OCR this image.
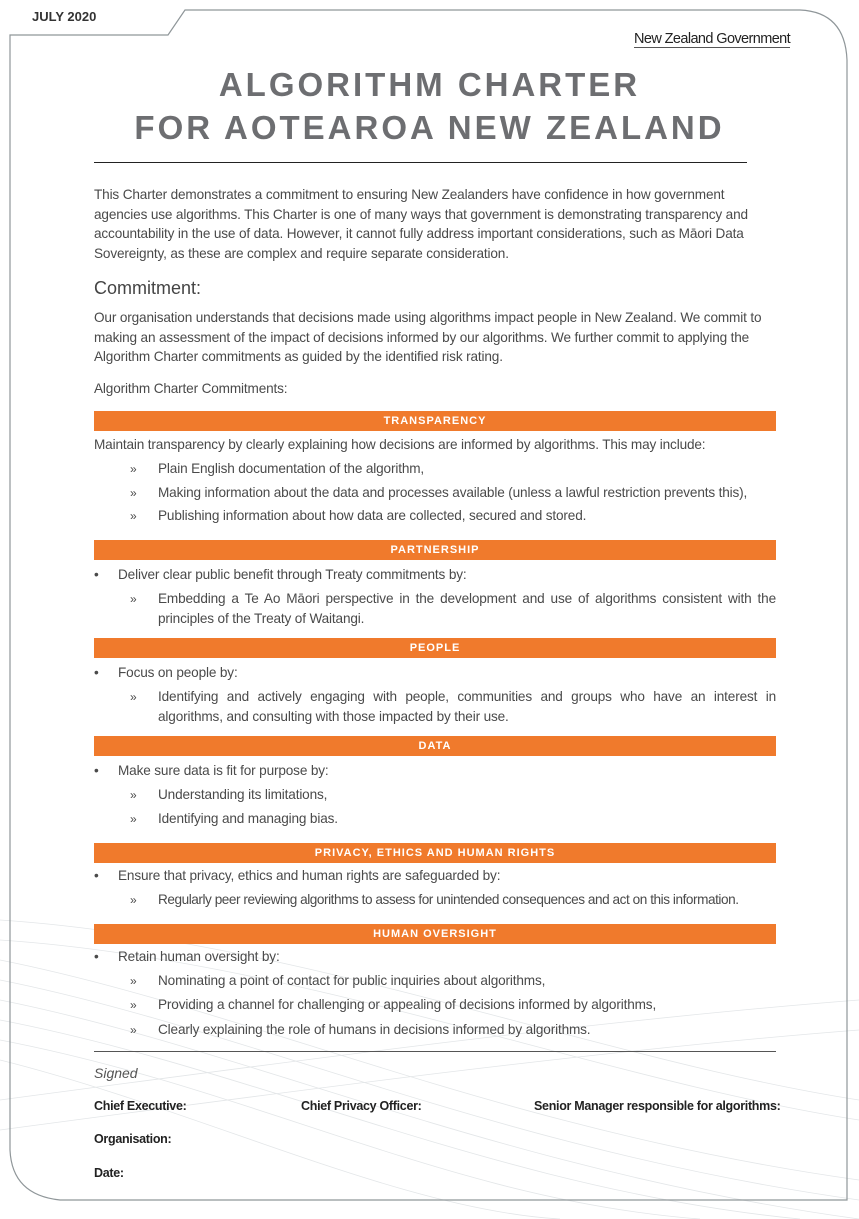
JULY 2020
New Zealand Government
ALGORITHM CHARTER
FOR AOTEAROA NEW ZEALAND
This Charter demonstrates a commitment to ensuring New Zealanders have confidence in how government agencies use algorithms. This Charter is one of many ways that government is demonstrating transparency and accountability in the use of data. However, it cannot fully address important considerations, such as Māori Data Sovereignty, as these are complex and require separate consideration.
Commitment:
Our organisation understands that decisions made using algorithms impact people in New Zealand. We commit to making an assessment of the impact of decisions informed by our algorithms. We further commit to applying the Algorithm Charter commitments as guided by the identified risk rating.
Algorithm Charter Commitments:
TRANSPARENCY
Maintain transparency by clearly explaining how decisions are informed by algorithms. This may include:
» Plain English documentation of the algorithm,
» Making information about the data and processes available (unless a lawful restriction prevents this),
» Publishing information about how data are collected, secured and stored.
PARTNERSHIP
• Deliver clear public benefit through Treaty commitments by:
» Embedding a Te Ao Māori perspective in the development and use of algorithms consistent with the principles of the Treaty of Waitangi.
PEOPLE
• Focus on people by:
» Identifying and actively engaging with people, communities and groups who have an interest in algorithms, and consulting with those impacted by their use.
DATA
• Make sure data is fit for purpose by:
» Understanding its limitations,
» Identifying and managing bias.
PRIVACY, ETHICS AND HUMAN RIGHTS
• Ensure that privacy, ethics and human rights are safeguarded by:
» Regularly peer reviewing algorithms to assess for unintended consequences and act on this information.
HUMAN OVERSIGHT
• Retain human oversight by:
» Nominating a point of contact for public inquiries about algorithms,
» Providing a channel for challenging or appealing of decisions informed by algorithms,
» Clearly explaining the role of humans in decisions informed by algorithms.
Signed
Chief Executive:	Chief Privacy Officer:	Senior Manager responsible for algorithms:
Organisation:
Date:
